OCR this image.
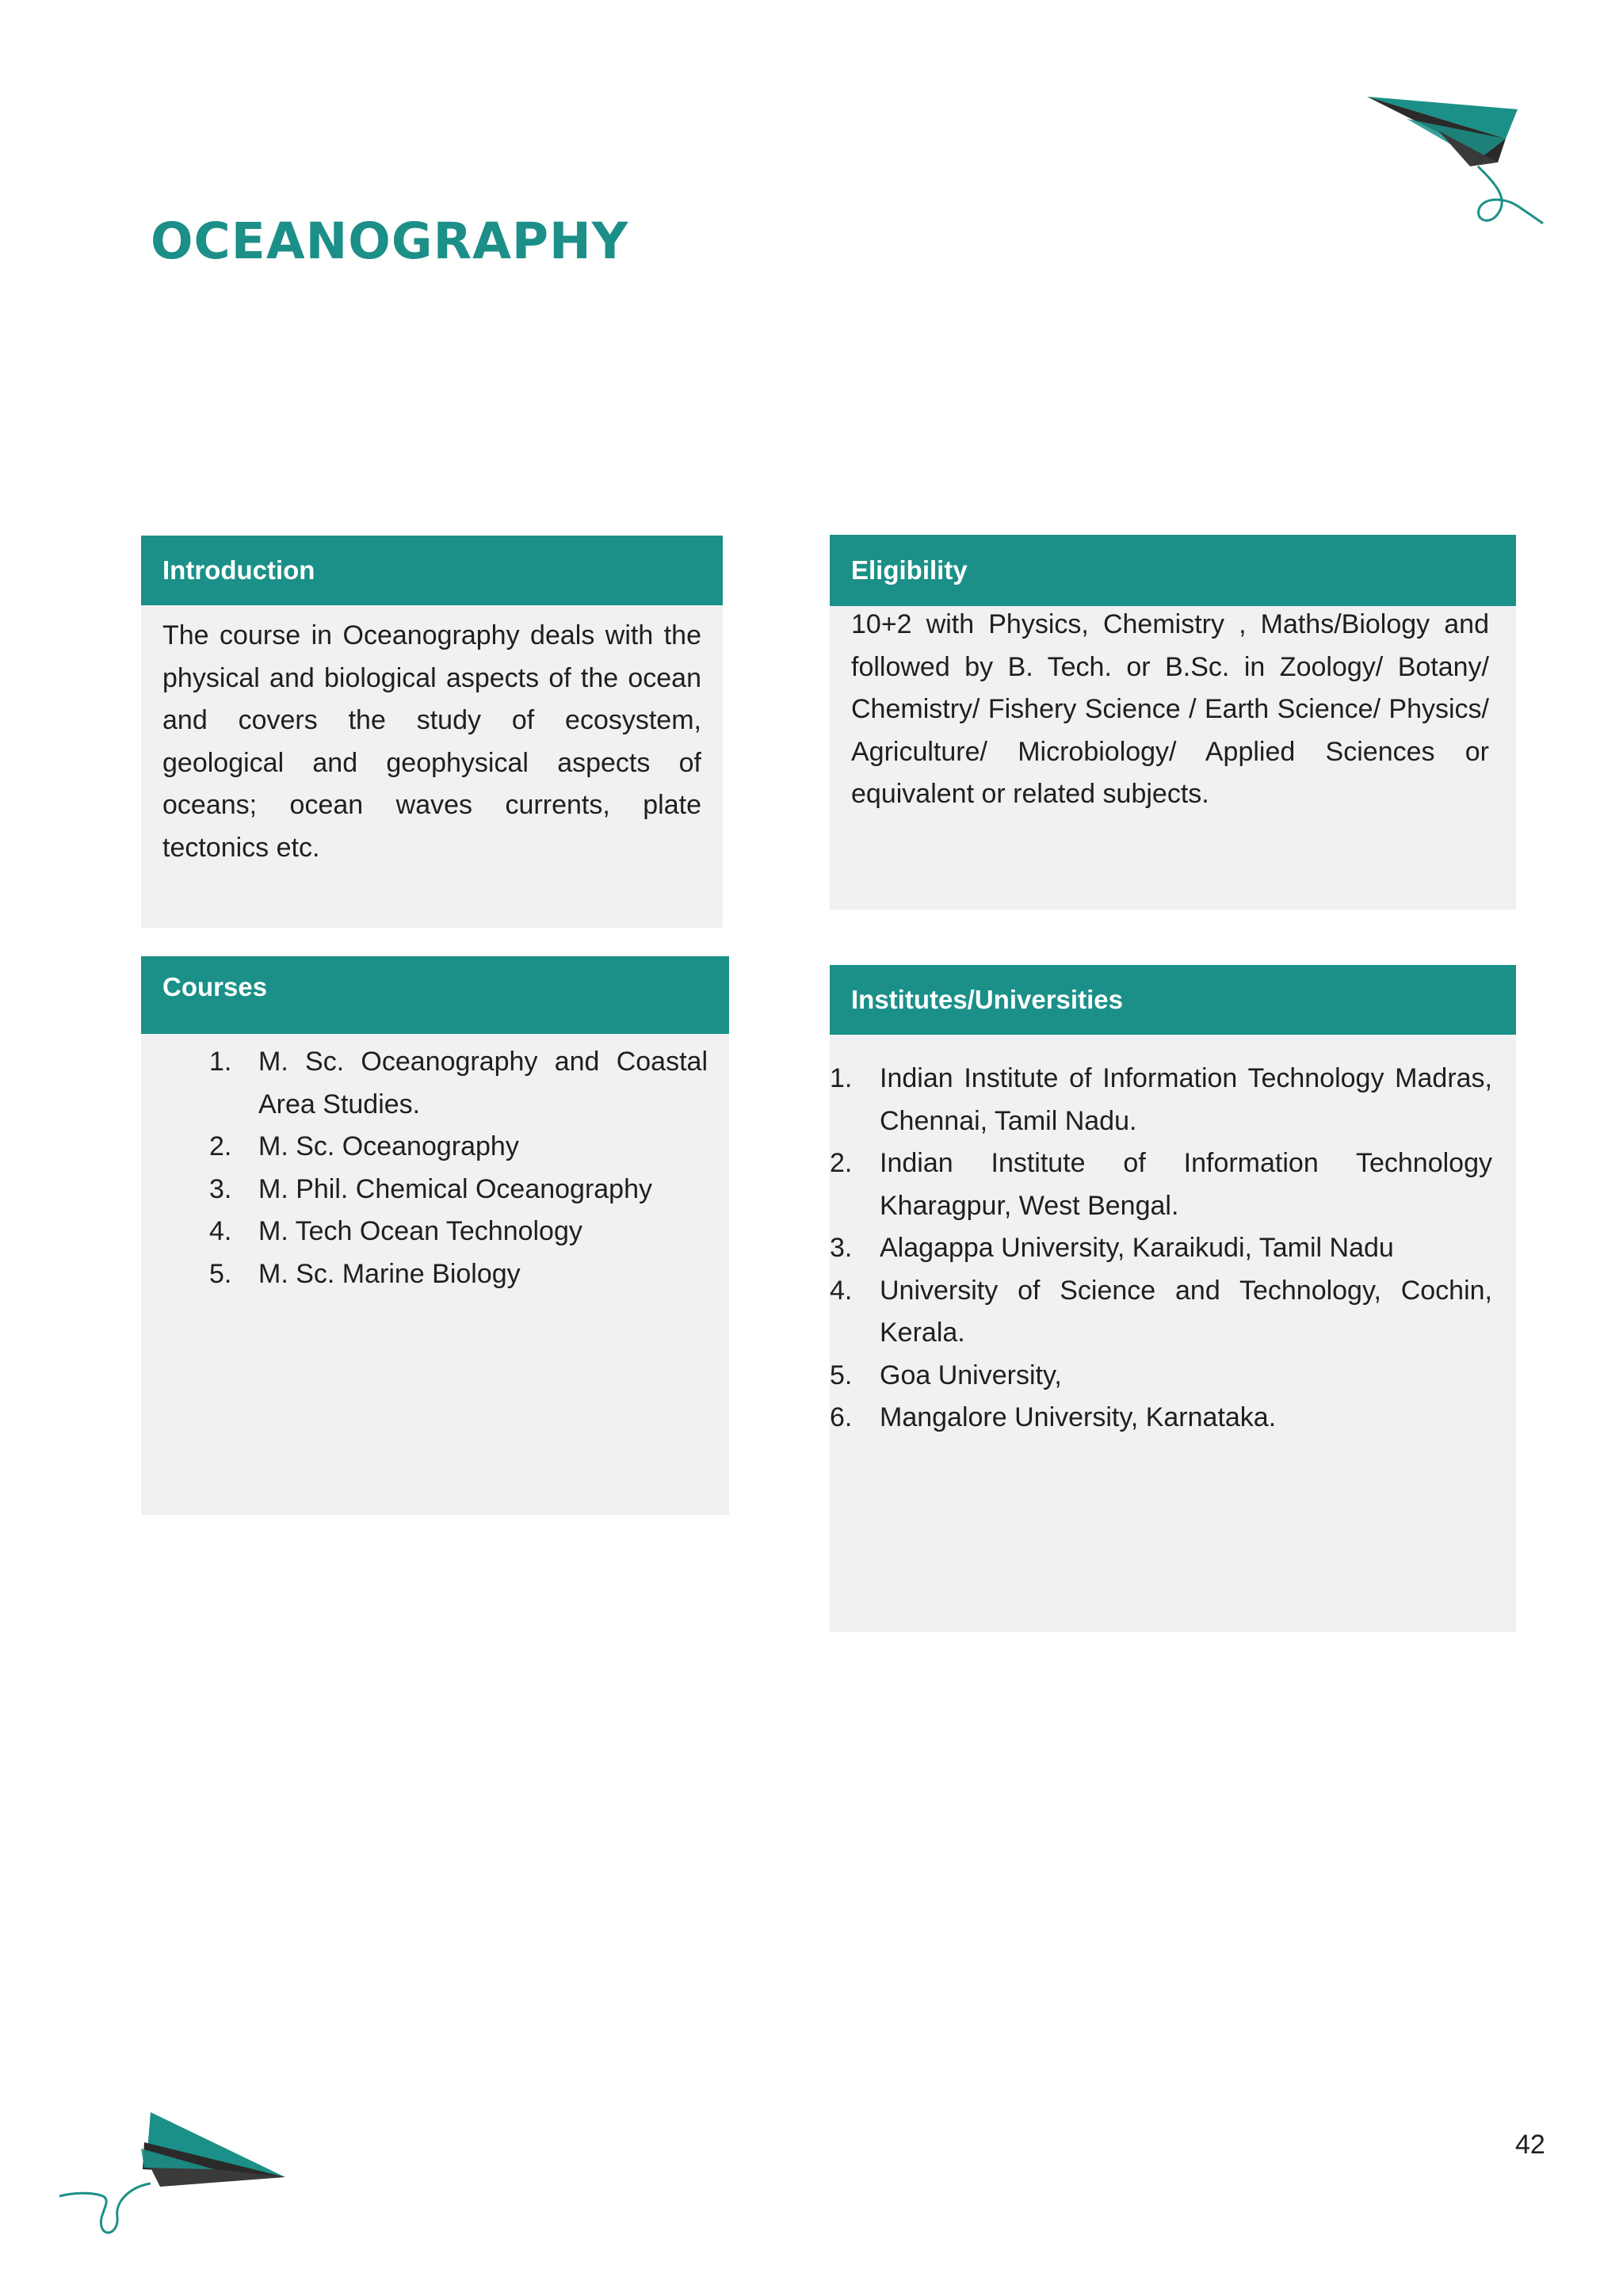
OCEANOGRAPHY
Introduction

The course in Oceanography deals with the physical and biological aspects of the ocean and covers the study of ecosystem, geological and geophysical aspects of oceans; ocean waves currents, plate tectonics etc.

Eligibility

10+2 with Physics, Chemistry , Maths/Biology and followed by B. Tech. or B.Sc. in Zoology/ Botany/ Chemistry/ Fishery Science / Earth Science/ Physics/ Agriculture/ Microbiology/ Applied Sciences or equivalent or related subjects.

Courses
1. M. Sc. Oceanography and Coastal Area Studies.
2. M. Sc. Oceanography
3. M. Phil. Chemical Oceanography
4. M. Tech Ocean Technology
5. M. Sc. Marine Biology
Institutes/Universities
1.	Indian Institute of Information Technology Madras, Chennai, Tamil Nadu.
2.	Indian Institute of Information Technology Kharagpur, West Bengal.
3.	Alagappa University, Karaikudi, Tamil Nadu
4.	University of Science and Technology, Cochin, Kerala.
5.	Goa University,
6.	Mangalore University, Karnataka.
42
